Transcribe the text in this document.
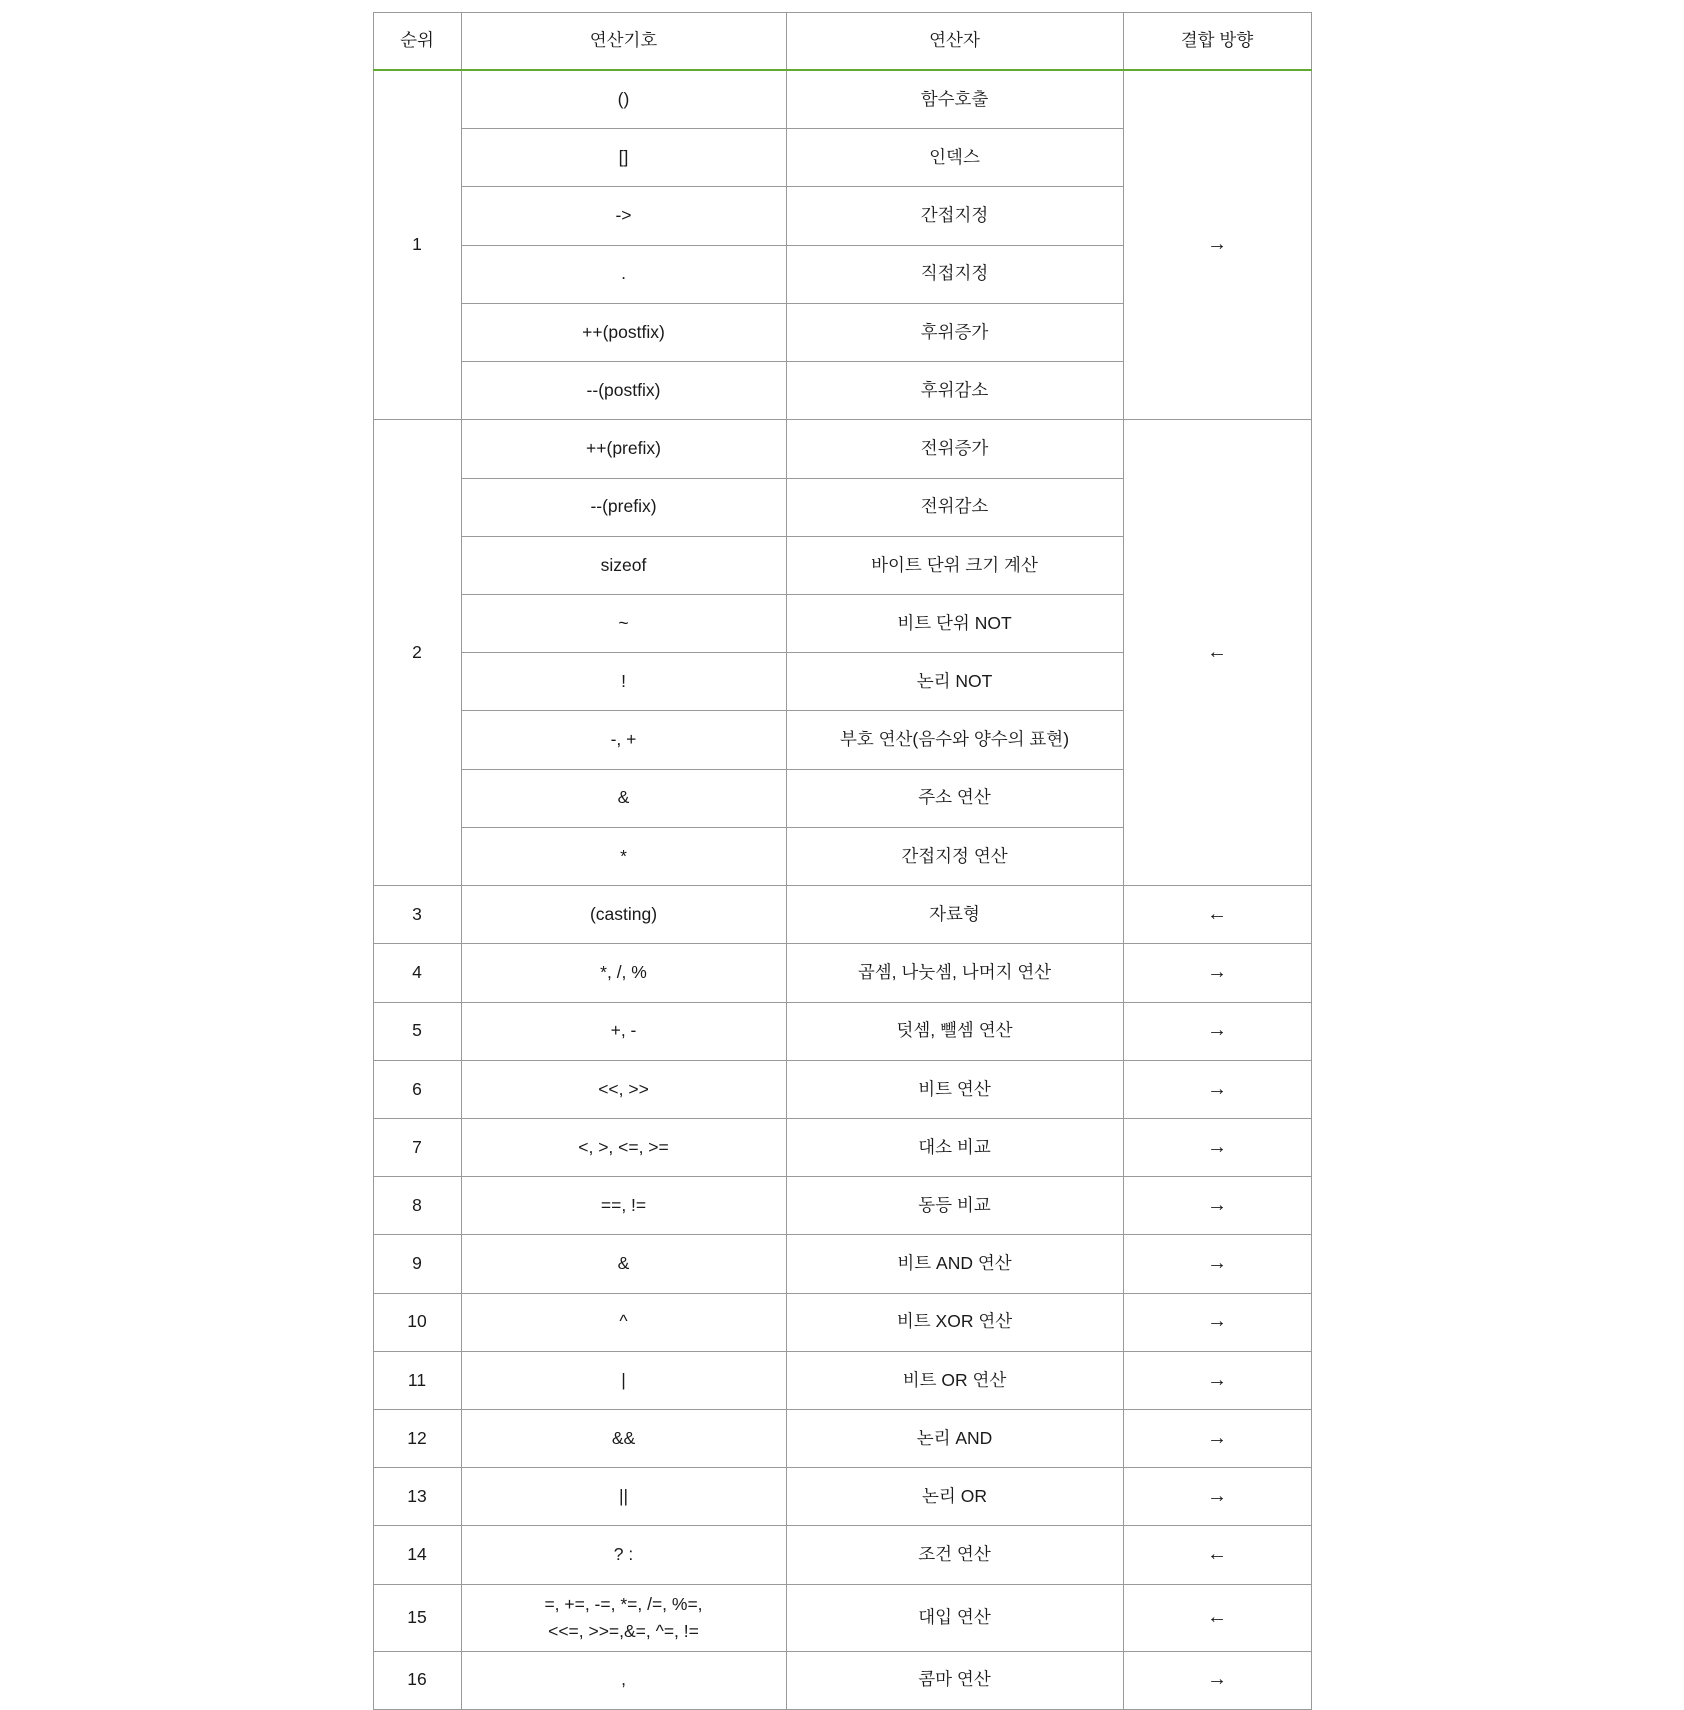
순위	연산기호	연산자	결합 방향
1	()	함수호출	→
	[]	인덱스	
	->	간접지정	
	.	직접지정	
	++(postfix)	후위증가	
	--(postfix)	후위감소	
2	++(prefix)	전위증가	←
	--(prefix)	전위감소	
	sizeof	바이트 단위 크기 계산	
	~	비트 단위 NOT	
	!	논리 NOT	
	-, +	부호 연산(음수와 양수의 표현)	
	&	주소 연산	
	*	간접지정 연산	
3	(casting)	자료형	←
4	*, /, %	곱셈, 나눗셈, 나머지 연산	→
5	+, -	덧셈, 뺄셈 연산	→
6	<<, >>	비트 연산	→
7	<, >, <=, >=	대소 비교	→
8	==, !=	동등 비교	→
9	&	비트 AND 연산	→
10	^	비트 XOR 연산	→
11	|	비트 OR 연산	→
12	&&	논리 AND	→
13	||	논리 OR	→
14	? :	조건 연산	←
15	=, +=, -=, *=, /=, %=,
<<=, >>=,&=, ^=, !=	대입 연산	←
16	,	콤마 연산	→
